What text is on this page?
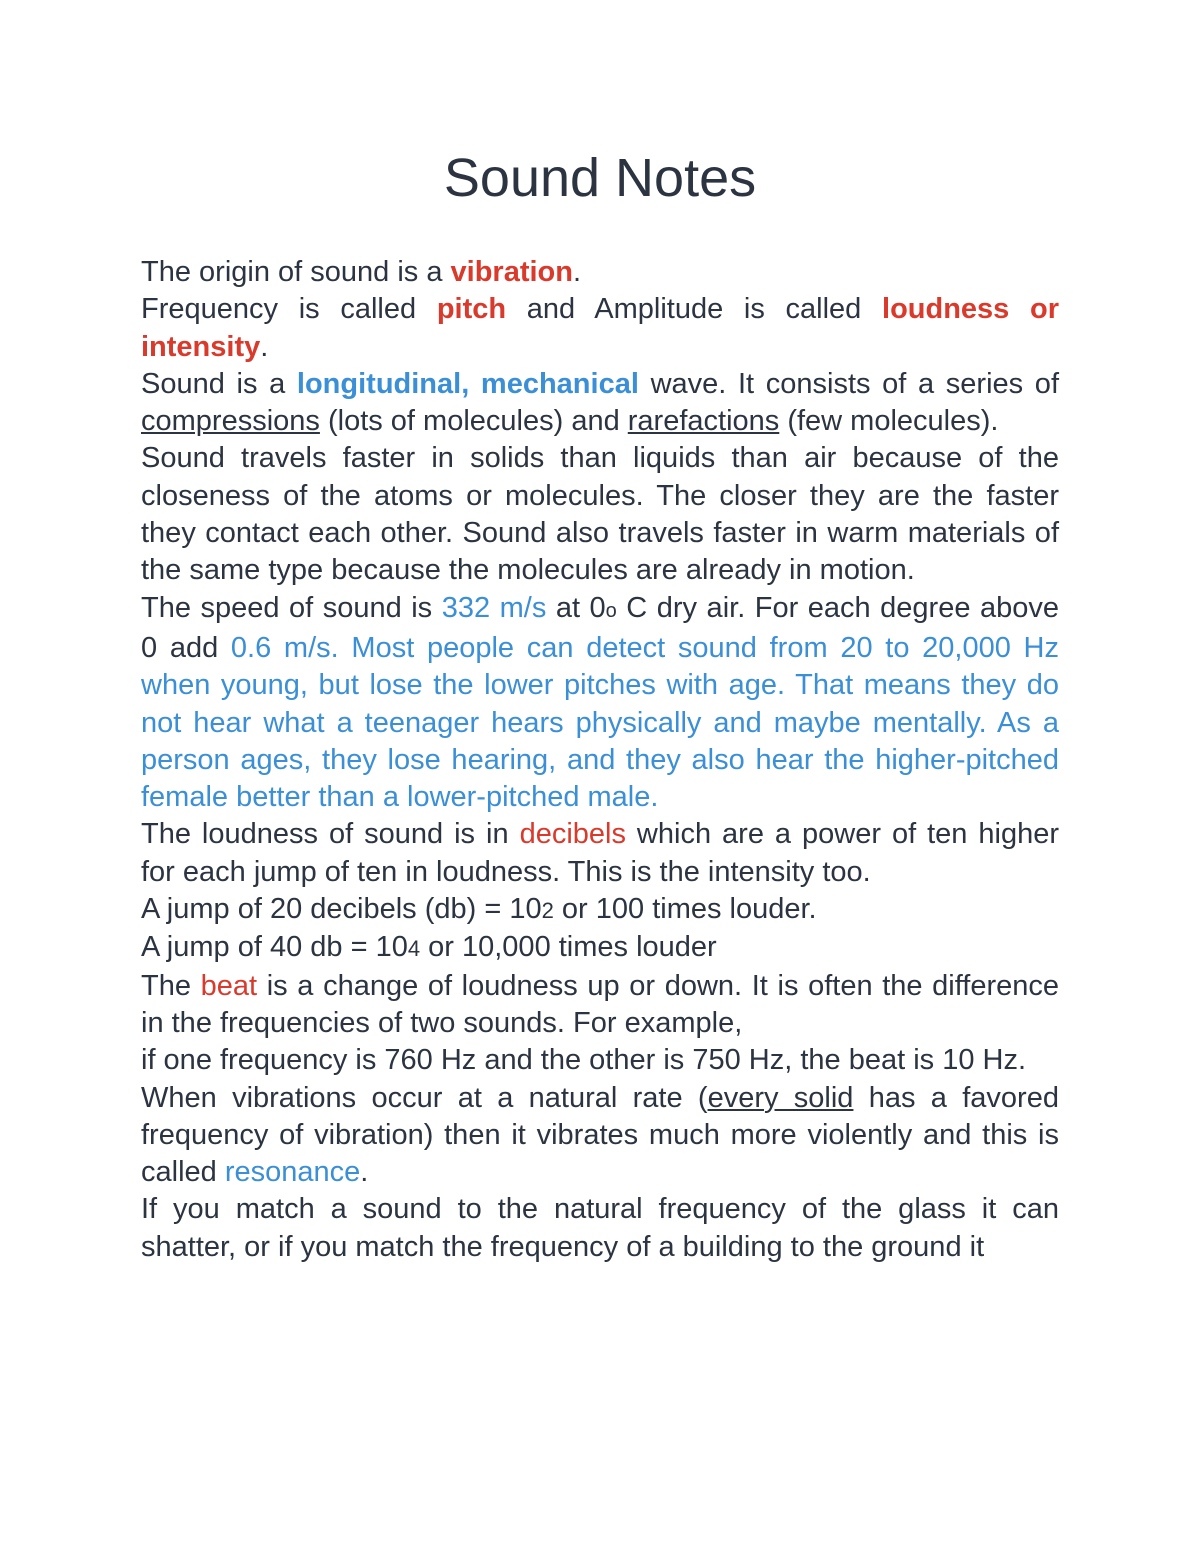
Sound Notes

The origin of sound is a vibration.

Frequency is called pitch and Amplitude is called loudness or intensity.

Sound is a longitudinal, mechanical wave. It consists of a series of compressions (lots of molecules) and rarefactions (few molecules).

Sound travels faster in solids than liquids than air because of the closeness of the atoms or molecules. The closer they are the faster they contact each other. Sound also travels faster in warm materials of the same type because the molecules are already in motion.

The speed of sound is 332 m/s at 0o C dry air. For each degree above 0 add 0.6 m/s. Most people can detect sound from 20 to 20,000 Hz when young, but lose the lower pitches with age. That means they do not hear what a teenager hears physically and maybe mentally. As a person ages, they lose hearing, and they also hear the higher-pitched female better than a lower-pitched male.

The loudness of sound is in decibels which are a power of ten higher for each jump of ten in loudness. This is the intensity too.

A jump of 20 decibels (db) = 102 or 100 times louder.

A jump of 40 db = 104 or 10,000 times louder

The beat is a change of loudness up or down. It is often the difference in the frequencies of two sounds. For example,

if one frequency is 760 Hz and the other is 750 Hz, the beat is 10 Hz.

When vibrations occur at a natural rate (every solid has a favored frequency of vibration) then it vibrates much more violently and this is called resonance.

If you match a sound to the natural frequency of the glass it can shatter, or if you match the frequency of a building to the ground it
